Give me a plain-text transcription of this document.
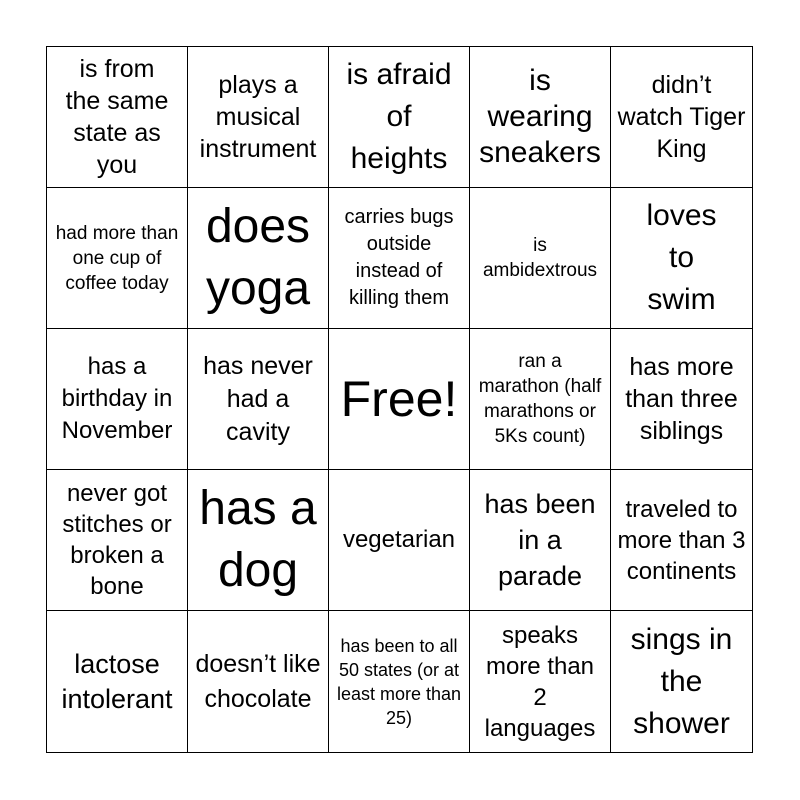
is from the same state as you
plays a musical instrument
is afraid of heights
is wearing sneakers
didn’t watch Tiger King
had more than one cup of coffee today
does yoga
carries bugs outside instead of killing them
is ambidextrous
loves to swim
has a birthday in November
has never had a cavity
Free!
ran a marathon (half marathons or 5Ks count)
has more than three siblings
never got stitches or broken a bone
has a dog
vegetarian
has been in a parade
traveled to more than 3 continents
lactose intolerant
doesn’t like chocolate
has been to all 50 states (or at least more than 25)
speaks more than 2 languages
sings in the shower
